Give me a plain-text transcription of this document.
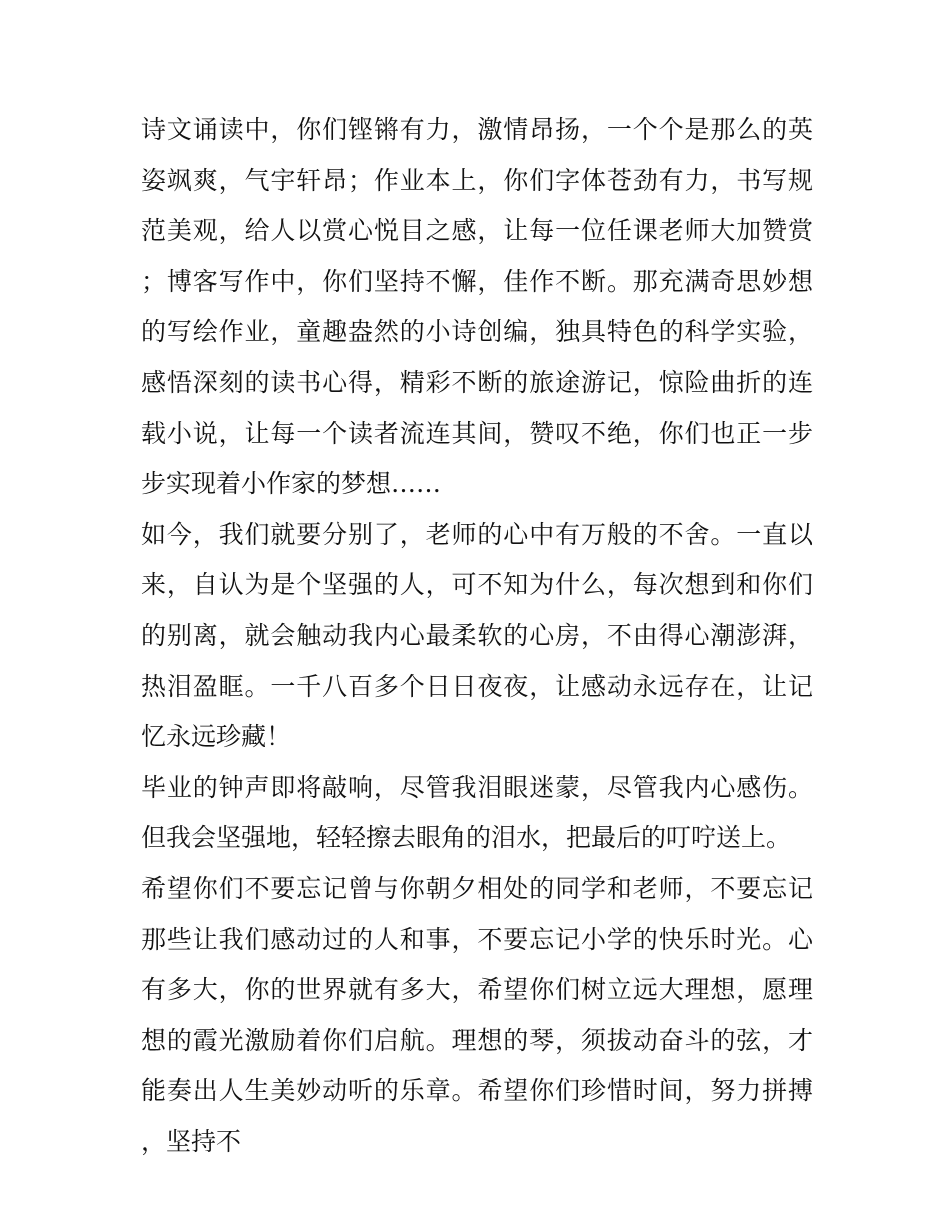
诗文诵读中，你们铿锵有力，激情昂扬，一个个是那么的英姿飒爽，气宇轩昂；作业本上，你们字体苍劲有力，书写规范美观，给人以赏心悦目之感，让每一位任课老师大加赞赏；博客写作中，你们坚持不懈，佳作不断。那充满奇思妙想的写绘作业，童趣盎然的小诗创编，独具特色的科学实验，感悟深刻的读书心得，精彩不断的旅途游记，惊险曲折的连载小说，让每一个读者流连其间，赞叹不绝，你们也正一步步实现着小作家的梦想……

如今，我们就要分别了，老师的心中有万般的不舍。一直以来，自认为是个坚强的人，可不知为什么，每次想到和你们的别离，就会触动我内心最柔软的心房，不由得心潮澎湃，热泪盈眶。一千八百多个日日夜夜，让感动永远存在，让记忆永远珍藏！

毕业的钟声即将敲响，尽管我泪眼迷蒙，尽管我内心感伤。但我会坚强地，轻轻擦去眼角的泪水，把最后的叮咛送上。

希望你们不要忘记曾与你朝夕相处的同学和老师，不要忘记那些让我们感动过的人和事，不要忘记小学的快乐时光。心有多大，你的世界就有多大，希望你们树立远大理想，愿理想的霞光激励着你们启航。理想的琴，须拔动奋斗的弦，才能奏出人生美妙动听的乐章。希望你们珍惜时间，努力拼搏，坚持不
